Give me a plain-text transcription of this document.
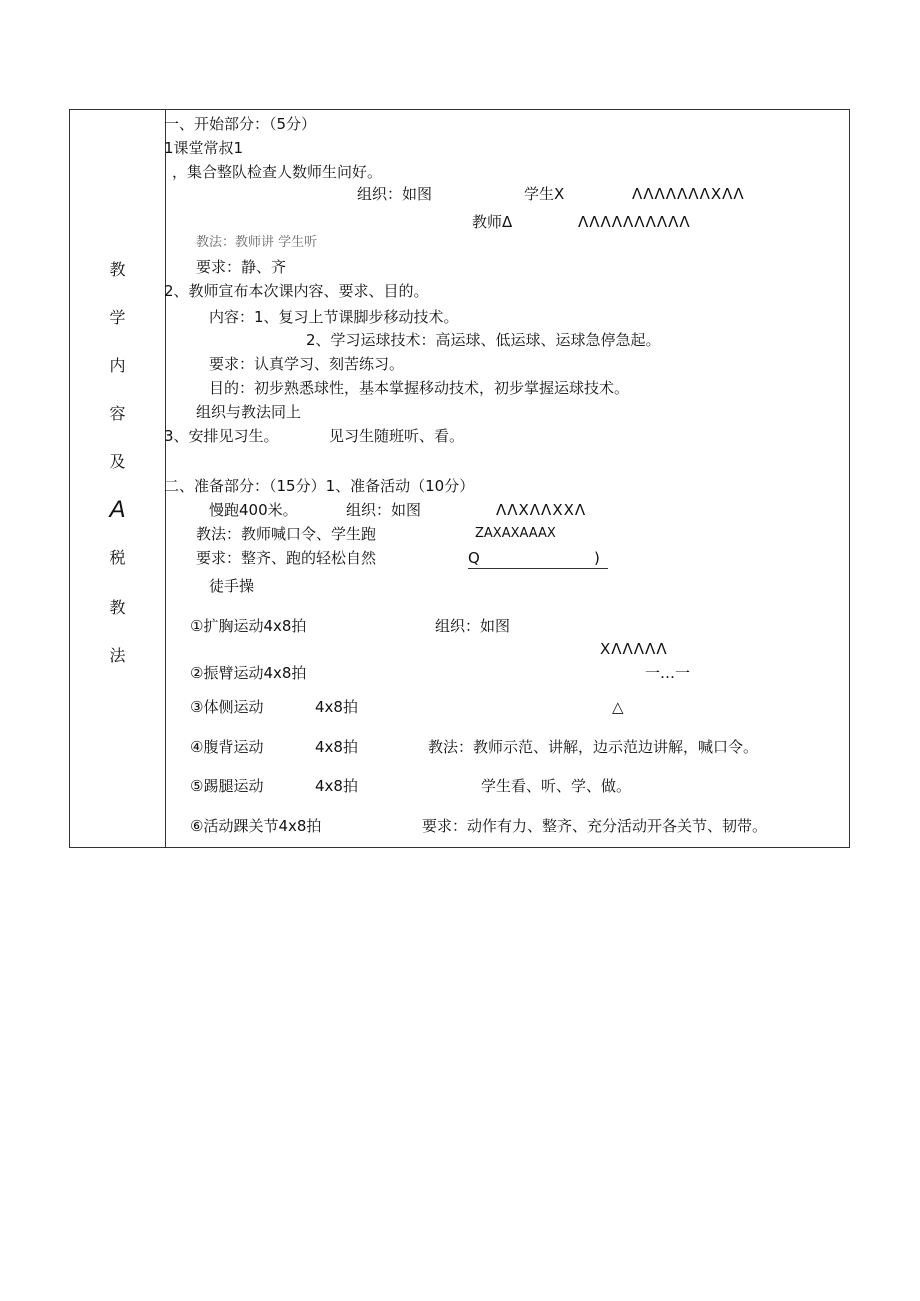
教
学
内
容
及
A
税
教
法
一、开始部分：（5分）
1课堂常叔1
，集合整队检查人数师生问好。
组织：如图	学生X	ΛΛΛΛΛΛΛXΛΛ
教师Δ	ΛΛΛΛΛΛΛΛΛΛ
教法：教师讲 学生听
要求：静、齐
2、教师宣布本次课内容、要求、目的。
内容：1、复习上节课脚步移动技术。
2、学习运球技术：高运球、低运球、运球急停急起。
要求：认真学习、刻苦练习。
目的：初步熟悉球性，基本掌握移动技术，初步掌握运球技术。
组织与教法同上
3、安排见习生。	见习生随班听、看。
二、准备部分：（15分）1、准备活动（10分）
慢跑400米。	组织：如图	ΛΛXΛΛXXΛ
教法：教师喊口令、学生跑	ZAXAXAAAX
要求：整齐、跑的轻松自然	Q	)
徒手操
①扩胸运动4x8拍	组织：如图
XΛΛΛΛΛ
②振臂运动4x8拍	一…一
③体侧运动	4x8拍	△
④腹背运动	4x8拍	教法：教师示范、讲解，边示范边讲解，喊口令。
⑤踢腿运动	4x8拍	学生看、听、学、做。
⑥活动踝关节4x8拍	要求：动作有力、整齐、充分活动开各关节、韧带。
